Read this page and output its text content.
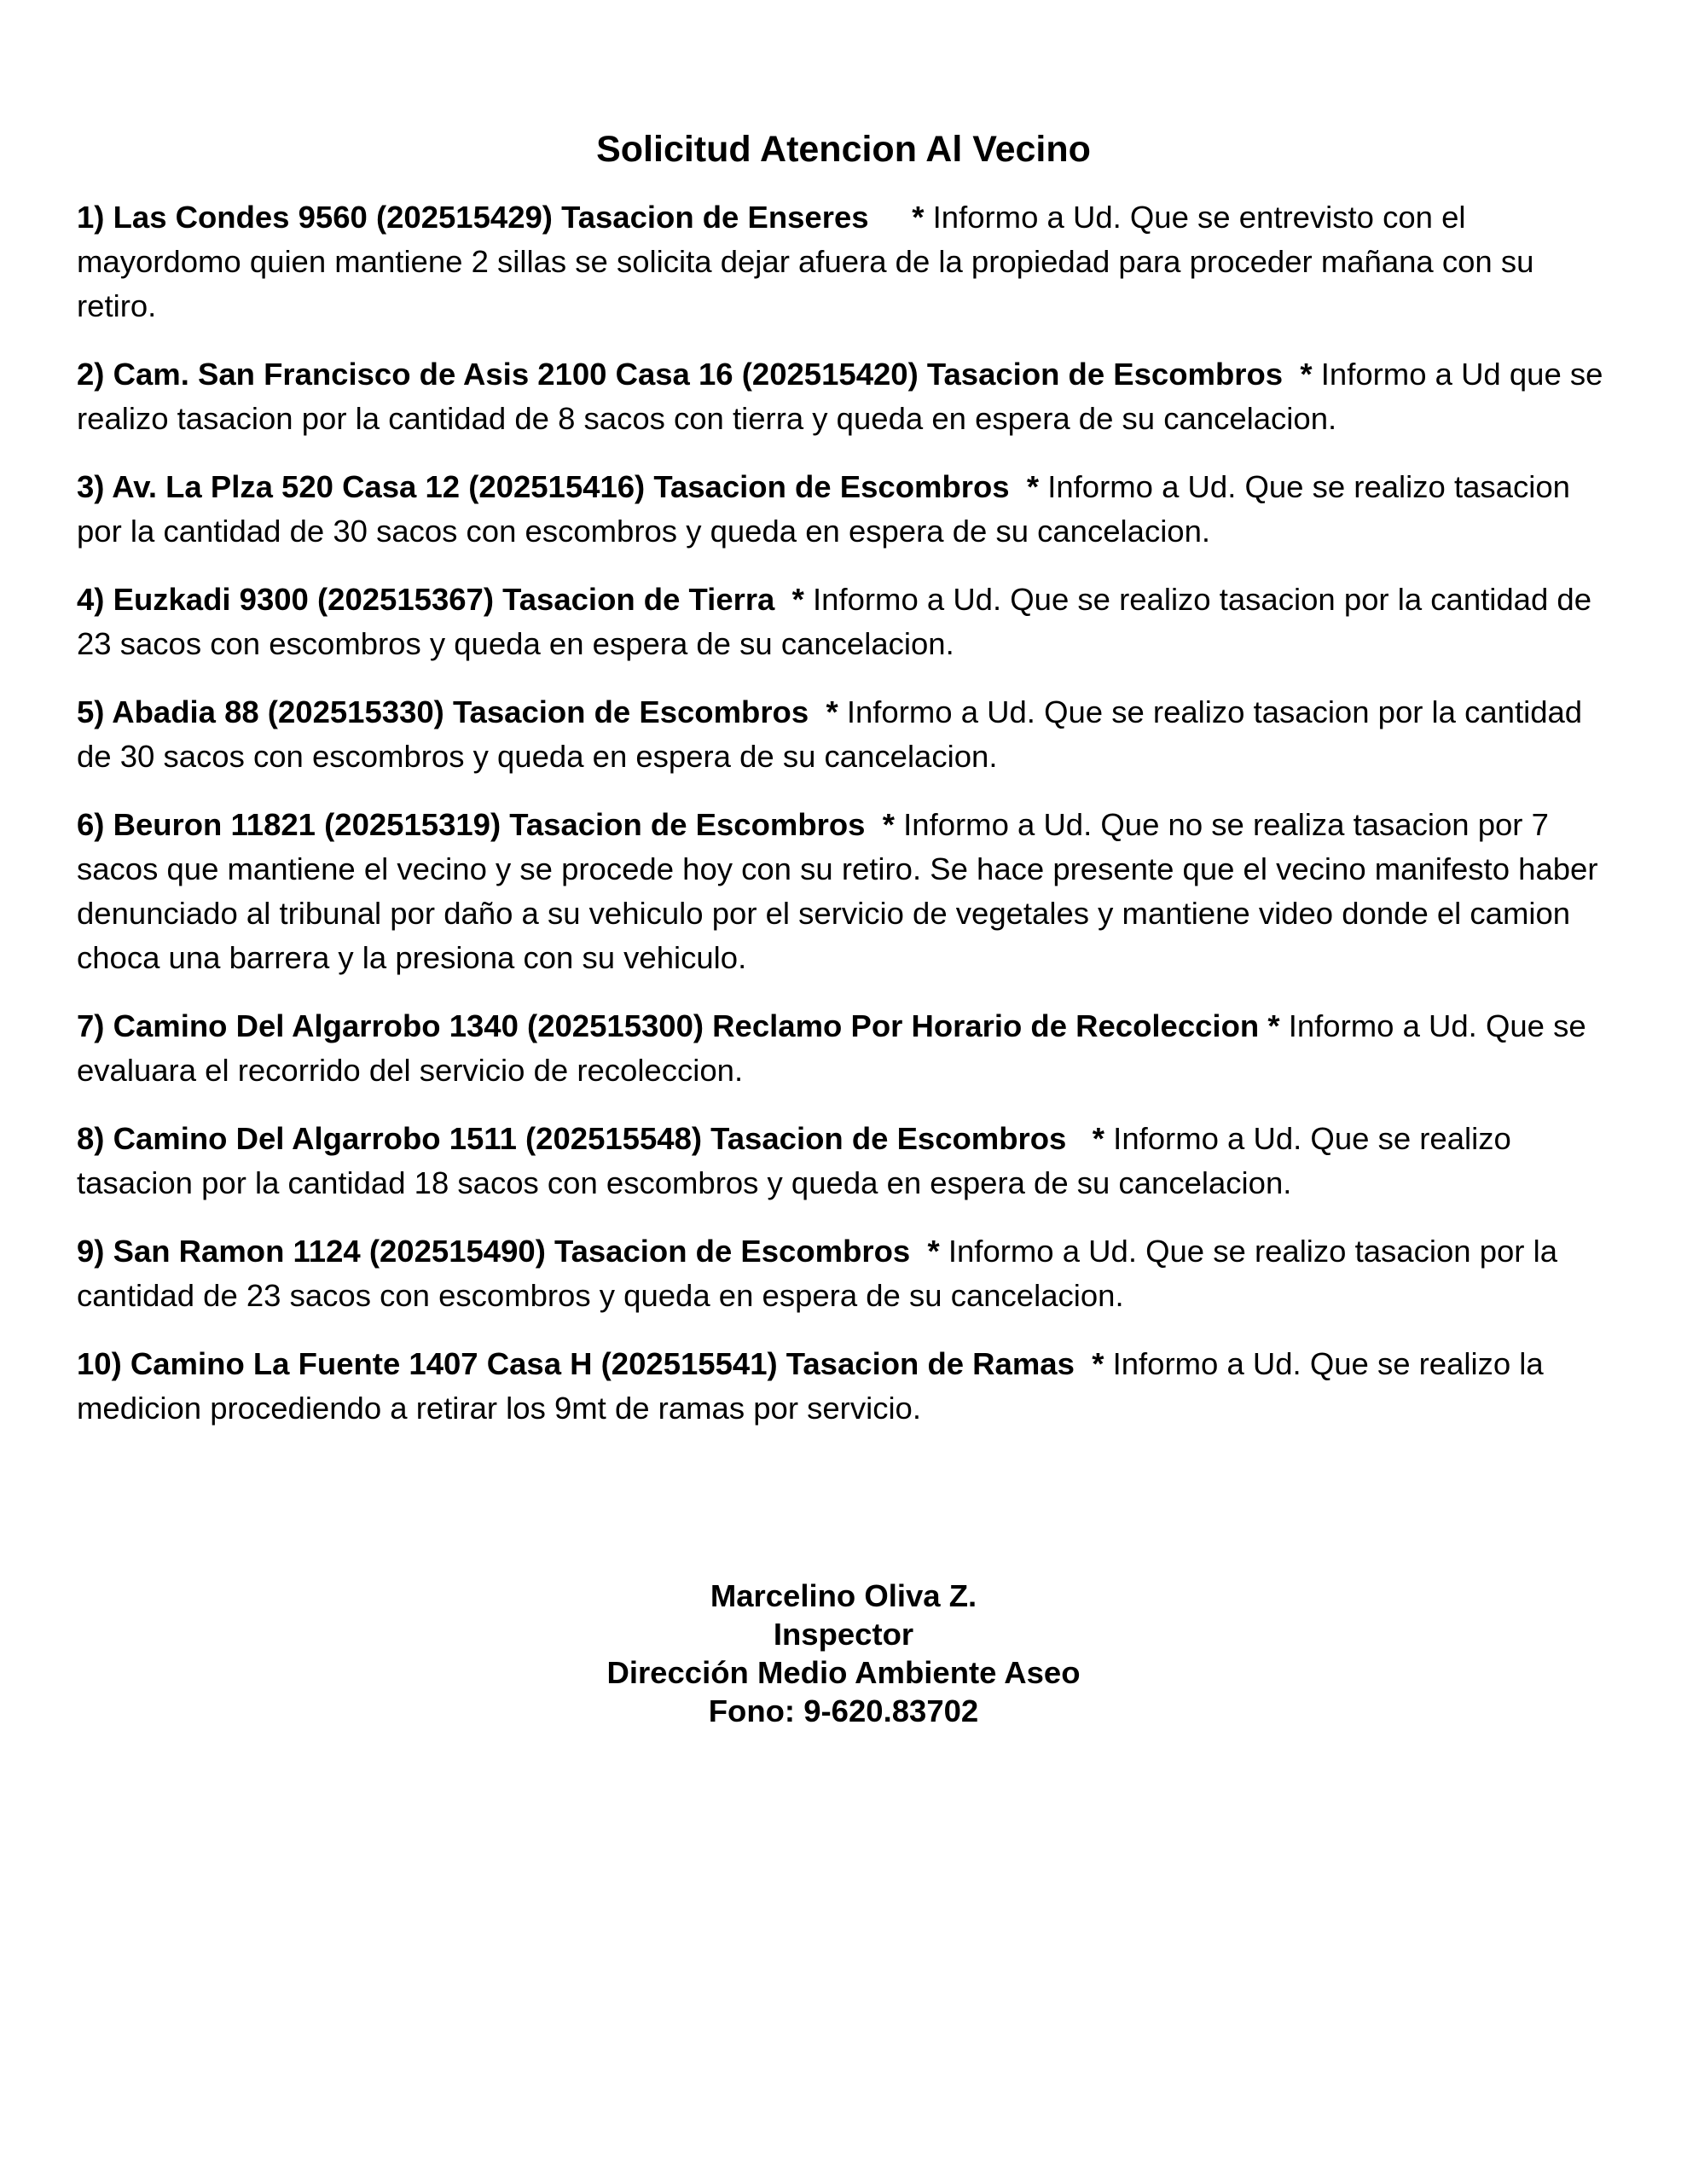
Solicitud Atencion Al Vecino

1) Las Condes 9560 (202515429) Tasacion de Enseres * Informo a Ud. Que se entrevisto con el mayordomo quien mantiene 2 sillas se solicita dejar afuera de la propiedad para proceder mañana con su retiro.

2) Cam. San Francisco de Asis 2100 Casa 16 (202515420) Tasacion de Escombros * Informo a Ud que se realizo tasacion por la cantidad de 8 sacos con tierra y queda en espera de su cancelacion.

3) Av. La Plza 520 Casa 12 (202515416) Tasacion de Escombros * Informo a Ud. Que se realizo tasacion por la cantidad de 30 sacos con escombros y queda en espera de su cancelacion.

4) Euzkadi 9300 (202515367) Tasacion de Tierra * Informo a Ud. Que se realizo tasacion por la cantidad de 23 sacos con escombros y queda en espera de su cancelacion.

5) Abadia 88 (202515330) Tasacion de Escombros * Informo a Ud. Que se realizo tasacion por la cantidad de 30 sacos con escombros y queda en espera de su cancelacion.

6) Beuron 11821 (202515319) Tasacion de Escombros * Informo a Ud. Que no se realiza tasacion por 7 sacos que mantiene el vecino y se procede hoy con su retiro. Se hace presente que el vecino manifesto haber denunciado al tribunal por daño a su vehiculo por el servicio de vegetales y mantiene video donde el camion choca una barrera y la presiona con su vehiculo.

7) Camino Del Algarrobo 1340 (202515300) Reclamo Por Horario de Recoleccion * Informo a Ud. Que se evaluara el recorrido del servicio de recoleccion.

8) Camino Del Algarrobo 1511 (202515548) Tasacion de Escombros * Informo a Ud. Que se realizo tasacion por la cantidad 18 sacos con escombros y queda en espera de su cancelacion.

9) San Ramon 1124 (202515490) Tasacion de Escombros * Informo a Ud. Que se realizo tasacion por la cantidad de 23 sacos con escombros y queda en espera de su cancelacion.

10) Camino La Fuente 1407 Casa H (202515541) Tasacion de Ramas * Informo a Ud. Que se realizo la medicion procediendo a retirar los 9mt de ramas por servicio.

Marcelino Oliva Z.
Inspector
Dirección Medio Ambiente Aseo
Fono: 9-620.83702
